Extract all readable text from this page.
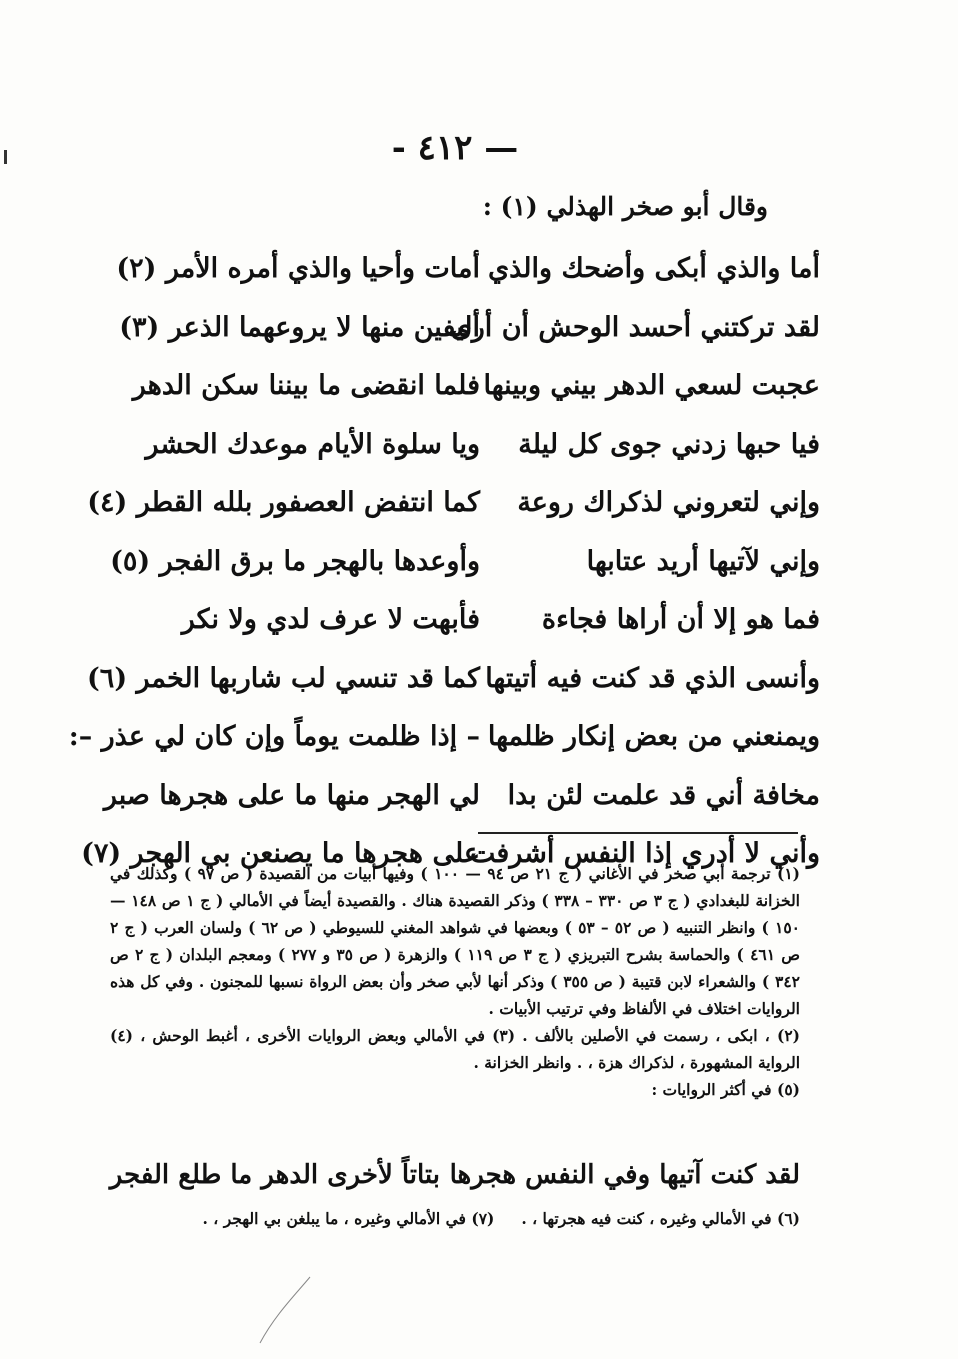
— ٤١٢ -
وقال أبو صخر الهذلي (١) :
أما والذي أبكى وأضحك والذي
أمات وأحيا والذي أمره الأمر (٢)
لقد تركتني أحسد الوحش أن أرى
أليفين منها لا يروعهما الذعر (٣)
عجبت لسعي الدهر بيني وبينها
فلما انقضى ما بيننا سكن الدهر
فيا حبها زدني جوى كل ليلة
ويا سلوة الأيام موعدك الحشر
وإني لتعروني لذكراك روعة
كما انتفض العصفور بلله القطر (٤)
وإني لآتيها أريد عتابها
وأوعدها بالهجر ما برق الفجر (٥)
فما هو إلا أن أراها فجاءة
فأبهت لا عرف لدي ولا نكر
وأنسى الذي قد كنت فيه أتيتها
كما قد تنسي لب شاربها الخمر (٦)
ويمنعني من بعض إنكار ظلمها
– إذا ظلمت يوماً وإن كان لي عذر –:
مخافة أني قد علمت لئن بدا
لي الهجر منها ما على هجرها صبر
وأني لا أدري إذا النفس أشرفت
على هجرها ما يصنعن بي الهجر (٧)

(١) ترجمة أبي صخر في الأغاني ( ج ٢١ ص ٩٤ — ١٠٠ ) وفيها أبيات من القصيدة ( ص ٩٧ ) وكذلك في الخزانة للبغدادي ( ج ٣ ص ٣٣٠ – ٣٣٨ ) وذكر القصيدة هناك . والقصيدة أيضاً في الأمالي ( ج ١ ص ١٤٨ — ١٥٠ ) وانظر التنبيه ( ص ٥٢ – ٥٣ ) وبعضها في شواهد المغني للسيوطي ( ص ٦٢ ) ولسان العرب ( ج ٢ ص ٤٦١ ) والحماسة بشرح التبريزي ( ج ٣ ص ١١٩ ) والزهرة ( ص ٣٥ و ٢٧٧ ) ومعجم البلدان ( ج ٢ ص ٣٤٢ ) والشعراء لابن قتيبة ( ص ٣٥٥ ) وذكر أنها لأبي صخر وأن بعض الرواة نسبها للمجنون . وفي كل هذه الروايات اختلاف في الألفاظ وفي ترتيب الأبيات .

(٢) ، ابكى ، رسمت في الأصلين بالألف . (٣) في الأمالي وبعض الروايات الأخرى ، أغبط الوحش ، (٤) الرواية المشهورة ، لذكراك هزة ، . وانظر الخزانة .

(٥) في أكثر الروايات :

لقد كنت آتيها وفي النفس هجرها
بتاتاً لأخرى الدهر ما طلع الفجر
(٦) في الأمالي وغيره ، كنت فيه هجرتها ، .     (٧) في الأمالي وغيره ، ما يبلغن بي الهجر ، .
